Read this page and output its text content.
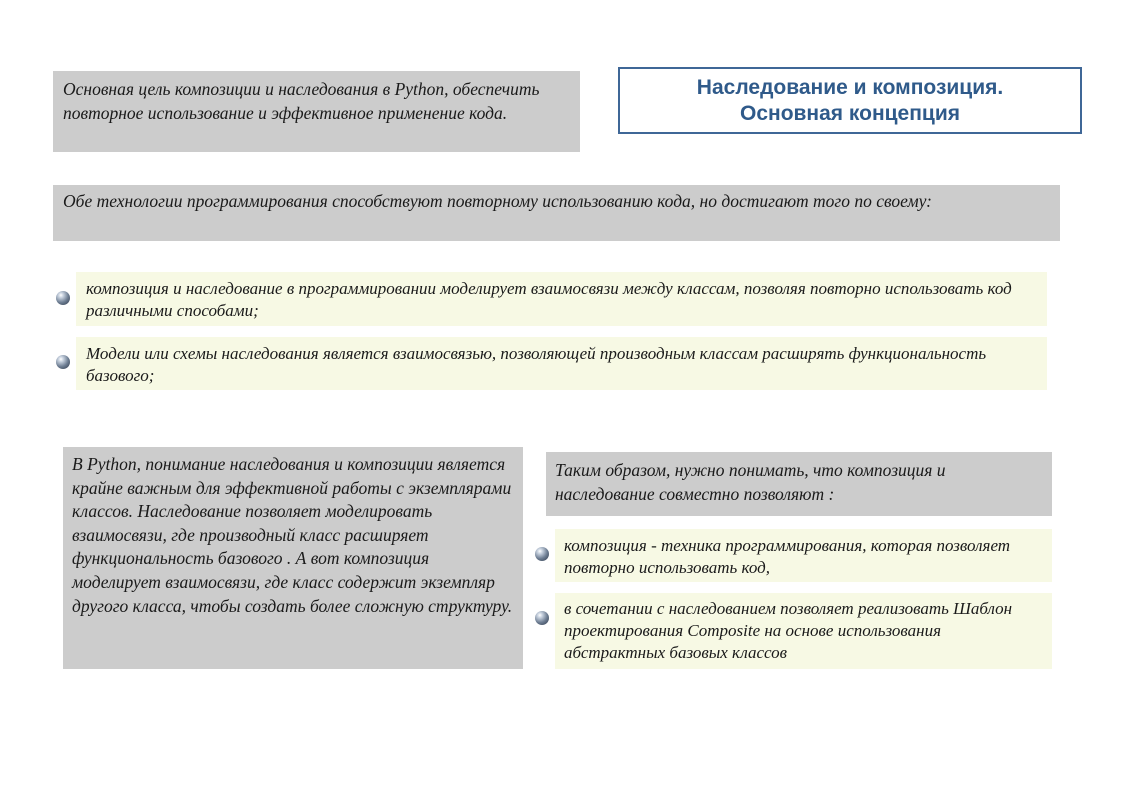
Наследование и композиция.
Основная концепция
Основная цель композиции и наследования в Python, обеспечить повторное использование и эффективное применение кода.
Обе технологии программирования способствуют повторному использованию кода, но достигают того по своему:
композиция и наследование в программировании моделирует взаимосвязи между классам, позволяя повторно использовать код различными способами;
Модели или схемы наследования является взаимосвязью, позволяющей производным классам расширять функциональность базового;
В Python, понимание наследования и композиции является крайне важным для эффективной работы с экземплярами классов. Наследование позволяет моделировать взаимосвязи, где производный класс расширяет функциональность базового . А вот композиция моделирует взаимосвязи, где класс содержит экземпляр другого класса, чтобы создать более сложную структуру.
Таким образом, нужно понимать, что композиция и наследование совместно позволяют :
композиция - техника программирования, которая позволяет повторно использовать код,
в сочетании с наследованием позволяет реализовать Шаблон проектирования Composite на основе использования абстрактных базовых классов
